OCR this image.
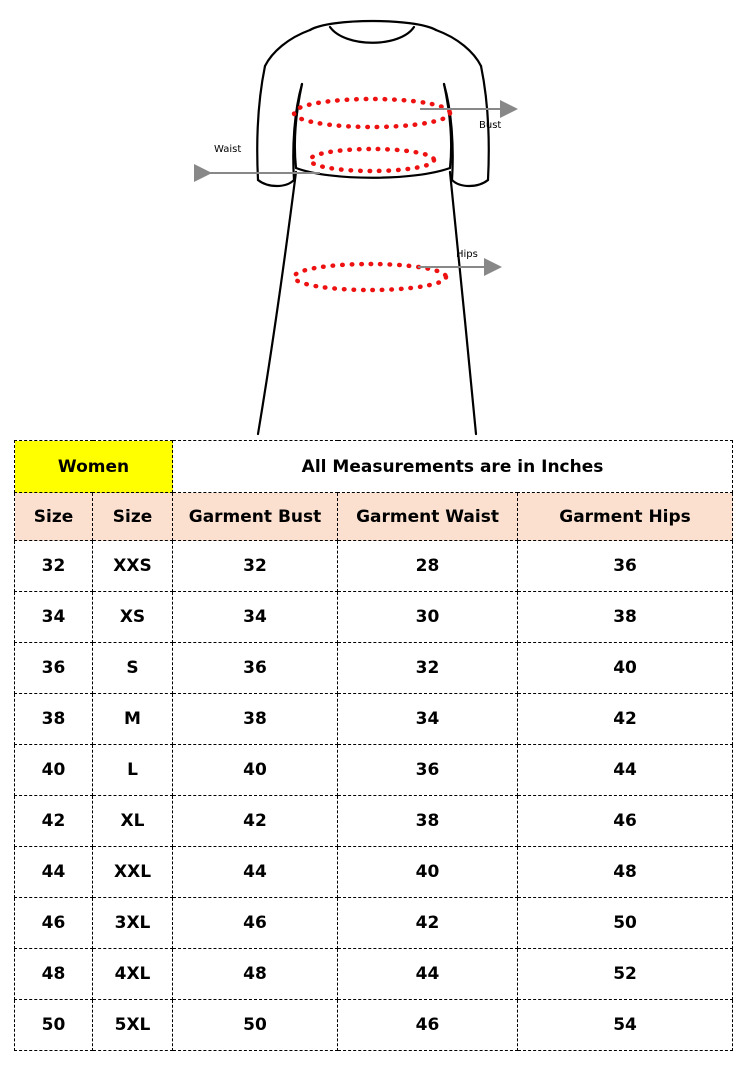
Bust
Waist
Hips
Women		All Measurements are in Inches		
Size	Size	Garment Bust	Garment Waist	Garment Hips
32	XXS	32	28	36
34	XS	34	30	38
36	S	36	32	40
38	M	38	34	42
40	L	40	36	44
42	XL	42	38	46
44	XXL	44	40	48
46	3XL	46	42	50
48	4XL	48	44	52
50	5XL	50	46	54
